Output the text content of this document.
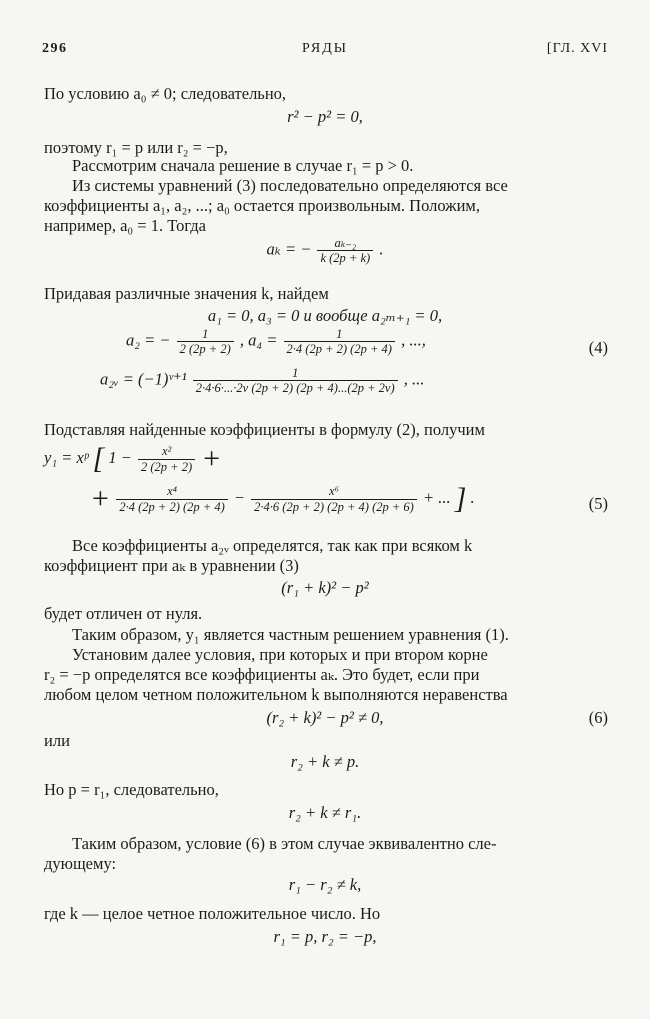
296	РЯДЫ	[ГЛ. XVI
По условию a₀ ≠ 0; следовательно,
r² − p² = 0,
поэтому r₁ = p или r₂ = −p,
Рассмотрим сначала решение в случае r₁ = p > 0.
Из системы уравнений (3) последовательно определяются все
коэффициенты a₁, a₂, ...; a₀ остается произвольным. Положим,
например, a₀ = 1. Тогда
aₖ = − $\frac{\text{aₖ₋₂}}{k (2p + k)}$ .
Придавая различные значения k, найдем
a₁ = 0, a₃ = 0 и вообще a₂ₘ₊₁ = 0,
a₂ = − $\frac{1}{2 (2p + 2)}$ , $a_4 = \frac{1}{2\cdot 4 (2p + 2) (2p + 4)}$ , ...,	(4)
a₂ᵥ = (−1)ᵛ⁺¹ $\frac{1}{2\cdot 4\cdot 6\cdot...\cdot 2\nu (2p + 2) (2p + 4)...(2p + 2\nu)}$ , ...
Подставляя найденные коэффициенты в формулу (2), получим
y₁ = xᵖ [ $1 - \frac{\text{x²}}{2 (2p + 2)}$ +
+ $\frac{\text{x⁴}}{2\cdot 4 (2p + 2) (2p + 4)} - \frac{\text{x⁶}}{2\cdot 4\cdot 6 (2p + 2) (2p + 4) (2p + 6)}$ + ... ] .	(5)
Все коэффициенты a₂ᵥ определятся, так как при всяком k
коэффициент при aₖ в уравнении (3)
(r₁ + k)² − p²
будет отличен от нуля.
Таким образом, y₁ является частным решением уравнения (1).
Установим далее условия, при которых и при втором корне
r₂ = −p определятся все коэффициенты aₖ. Это будет, если при
любом целом четном положительном k выполняются неравенства
(r₂ + k)² − p² ≠ 0,	(6)
или
r₂ + k ≠ p.
Но p = r₁, следовательно,
r₂ + k ≠ r₁.
Таким образом, условие (6) в этом случае эквивалентно сле-
дующему:
r₁ − r₂ ≠ k,
где k — целое четное положительное число. Но
r₁ = p, r₂ = −p,
